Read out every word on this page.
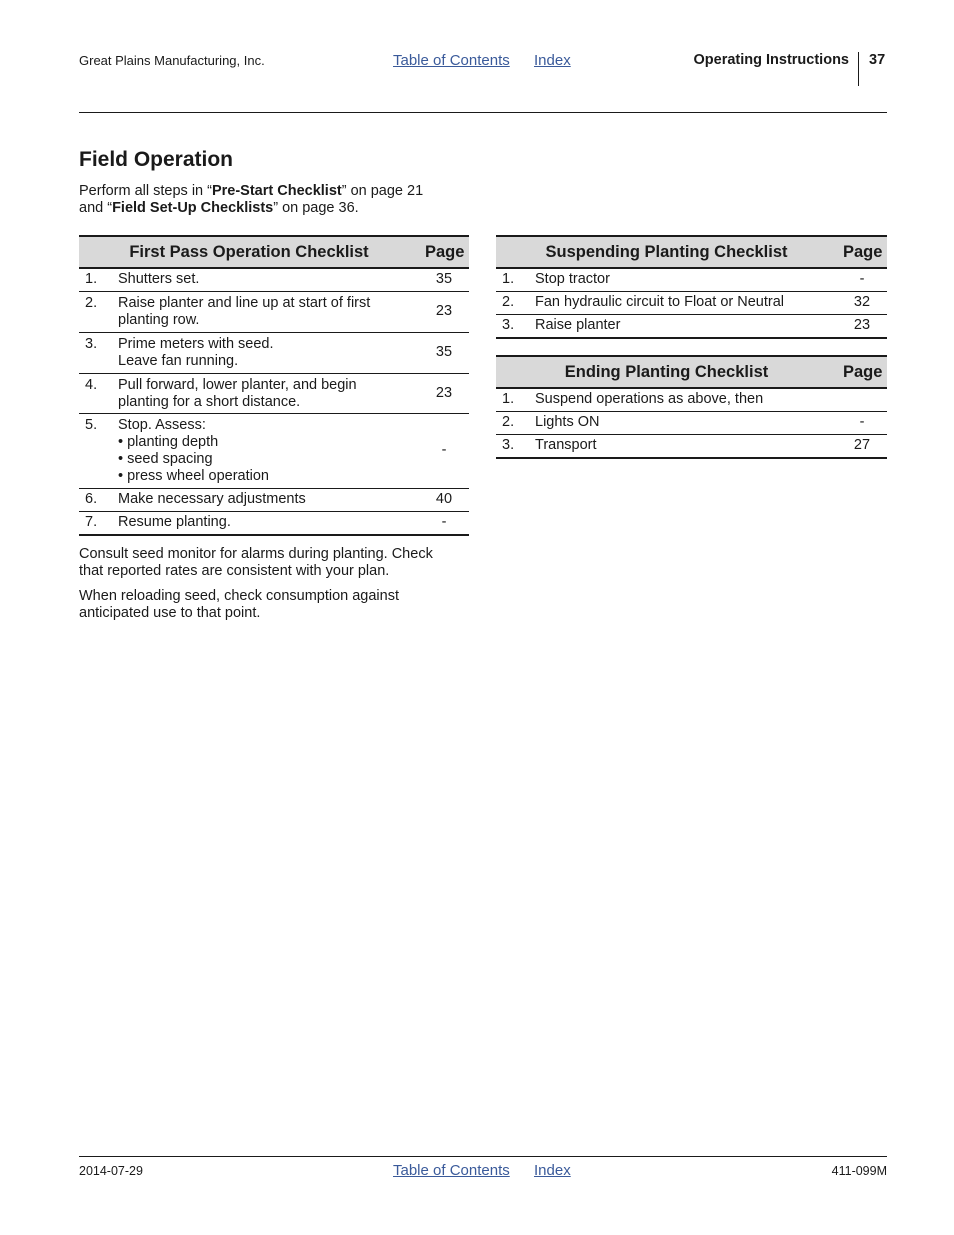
Great Plains Manufacturing, Inc.	Table of Contents Index	Operating Instructions 37
Field Operation
Perform all steps in “Pre-Start Checklist” on page 21
and “Field Set-Up Checklists” on page 36.
First Pass Operation Checklist		Page
1.	Shutters set.	35
2.	Raise planter and line up at start of first
planting row.	23
3.	Prime meters with seed.
Leave fan running.	35
4.	Pull forward, lower planter, and begin
planting for a short distance.	23
5.	Stop. Assess:
• planting depth
• seed spacing
• press wheel operation	-
6.	Make necessary adjustments	40
7.	Resume planting.	-
Consult seed monitor for alarms during planting. Check
that reported rates are consistent with your plan.
When reloading seed, check consumption against
anticipated use to that point.
Suspending Planting Checklist		Page
1.	Stop tractor	-
2.	Fan hydraulic circuit to Float or Neutral	32
3.	Raise planter	23
Ending Planting Checklist		Page
1.	Suspend operations as above, then	
2.	Lights ON	-
3.	Transport	27
2014-07-29	Table of Contents Index	411-099M
